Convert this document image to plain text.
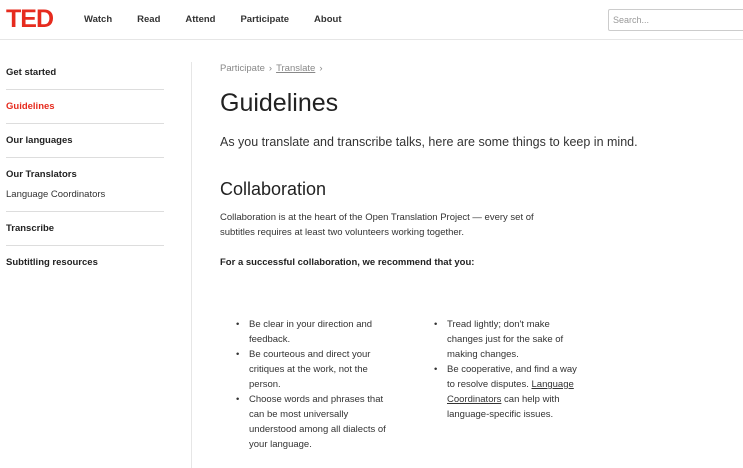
TED	Watch	Read	Attend	Participate	About
Search...
Get started
Guidelines
Our languages
Our Translators
Language Coordinators
Transcribe
Subtitling resources
Participate › Translate ›
Guidelines

As you translate and transcribe talks, here are some things to keep in mind.

Collaboration

Collaboration is at the heart of the Open Translation Project — every set of subtitles requires at least two volunteers working together.

For a successful collaboration, we recommend that you:

• Be clear in your direction and feedback.
• Be courteous and direct your critiques at the work, not the person.
• Choose words and phrases that can be most universally understood among all dialects of your language.
• Tread lightly; don't make changes just for the sake of making changes.
• Be cooperative, and find a way to resolve disputes. Language Coordinators can help with language-specific issues.
